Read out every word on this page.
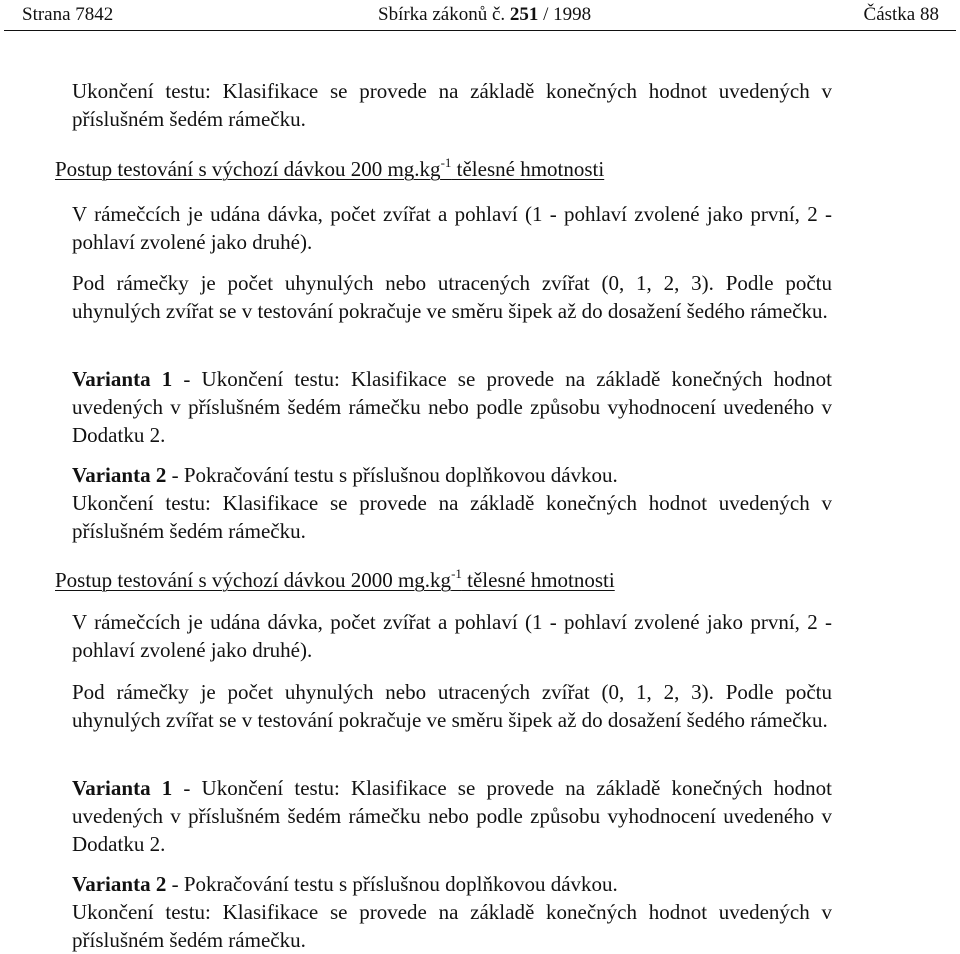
Strana 7842	Sbírka zákonů č. 251 / 1998	Částka 88
Ukončení testu: Klasifikace se provede na základě konečných hodnot uvedených v příslušném šedém rámečku.
Postup testování s výchozí dávkou 200 $mg.kg^{-1}$ tělesné hmotnosti
V rámečcích je udána dávka, počet zvířat a pohlaví (1 - pohlaví zvolené jako první, 2 - pohlaví zvolené jako druhé).
Pod rámečky je počet uhynulých nebo utracených zvířat (0, 1, 2, 3). Podle počtu uhynulých zvířat se v testování pokračuje ve směru šipek až do dosažení šedého rámečku.
Varianta 1 - Ukončení testu: Klasifikace se provede na základě konečných hodnot uvedených v příslušném šedém rámečku nebo podle způsobu vyhodnocení uvedeného v Dodatku 2.
Varianta 2 - Pokračování testu s příslušnou doplňkovou dávkou.
Ukončení testu: Klasifikace se provede na základě konečných hodnot uvedených v příslušném šedém rámečku.
Postup testování s výchozí dávkou 2000 $mg.kg^{-1}$ tělesné hmotnosti
V rámečcích je udána dávka, počet zvířat a pohlaví (1 - pohlaví zvolené jako první, 2 - pohlaví zvolené jako druhé).
Pod rámečky je počet uhynulých nebo utracených zvířat (0, 1, 2, 3). Podle počtu uhynulých zvířat se v testování pokračuje ve směru šipek až do dosažení šedého rámečku.
Varianta 1 - Ukončení testu: Klasifikace se provede na základě konečných hodnot uvedených v příslušném šedém rámečku nebo podle způsobu vyhodnocení uvedeného v Dodatku 2.
Varianta 2 - Pokračování testu s příslušnou doplňkovou dávkou.
Ukončení testu: Klasifikace se provede na základě konečných hodnot uvedených v příslušném šedém rámečku.
